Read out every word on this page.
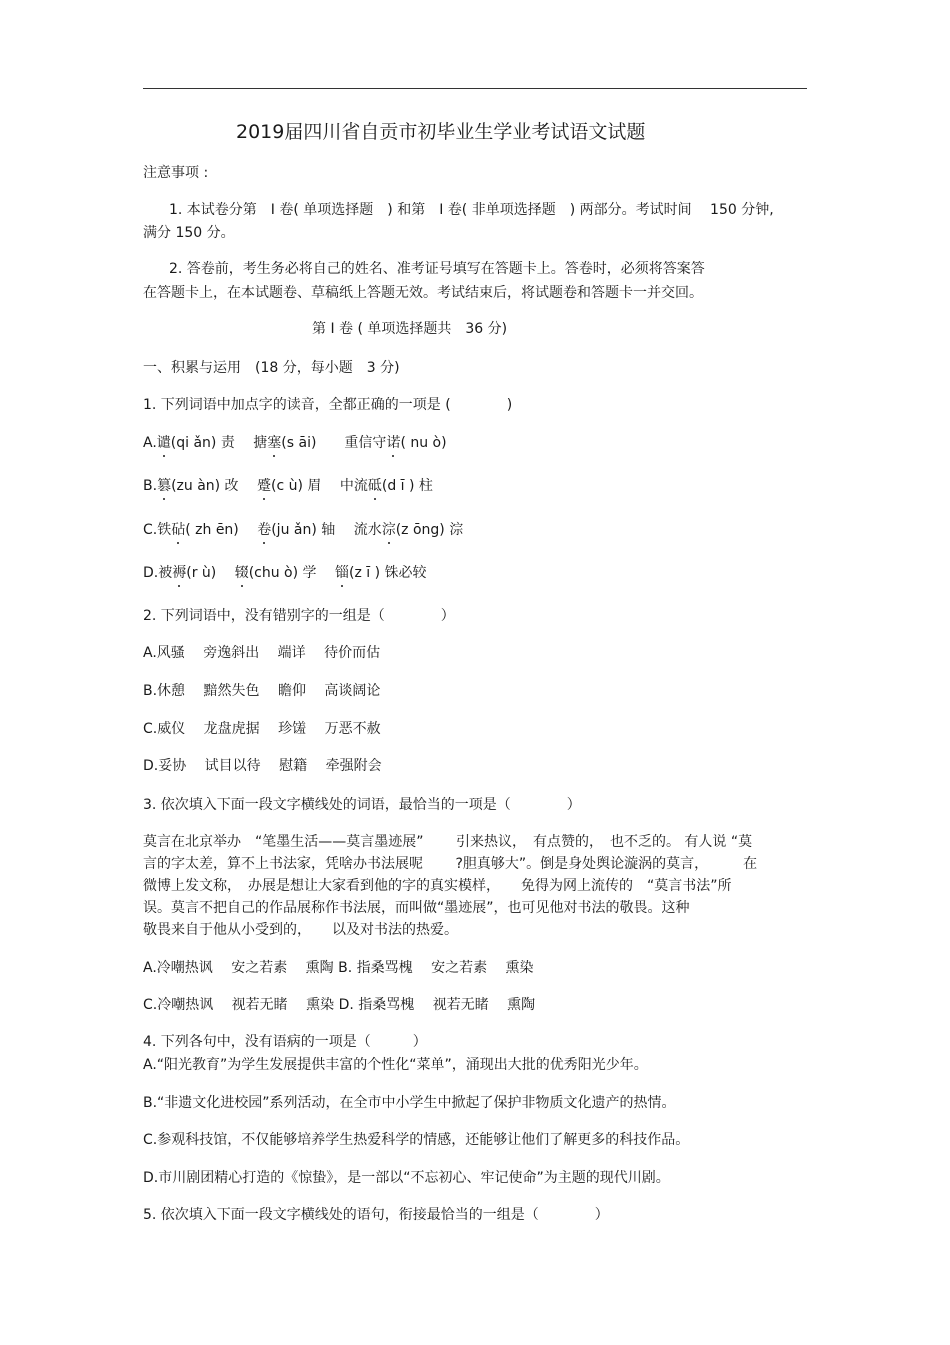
2019届四川省自贡市初毕业生学业考试语文试题
注意事项 :
1. 本试卷分第　Ⅰ 卷( 单项选择题　) 和第　Ⅰ 卷( 非单项选择题　) 两部分。考试时间　 150 分钟,
满分 150 分。
2. 答卷前，考生务必将自己的姓名、准考证号填写在答题卡上。答卷时，必须将答案答
在答题卡上，在本试题卷、草稿纸上答题无效。考试结束后，将试题卷和答题卡一并交回。
第 I 卷 ( 单项选择题共　36 分)
一、积累与运用　(18 分，每小题　3 分)
1. 下列词语中加点字的读音，全都正确的一项是 (　　　　)
A.谴(qi ǎn) 责　 搪塞(s āi)　　重信守诺( nu ò)
B.篡(zu àn) 改　 蹙(c ù) 眉　 中流砥(d ī ) 柱
C.铁砧( zh ēn)　 卷(ju ǎn) 轴　 流水淙(z ōng) 淙
D.被褥(r ù)　 辍(chu ò) 学　 锱(z ī ) 铢必较
2. 下列词语中，没有错别字的一组是（　　　　）
A.风骚　 旁逸斜出　 端详　 待价而估
B.休憩　 黯然失色　 瞻仰　 高谈阔论
C.威仪　 龙盘虎据　 珍馐　 万恶不赦
D.妥协　 试目以待　 慰籍　 牵强附会
3. 依次填入下面一段文字横线处的词语，最恰当的一项是（　　　　）
莫言在北京举办　“笔墨生活——莫言墨迹展”　　 引来热议，　有点赞的，　也不乏的。 有人说 “莫
言的字太差，算不上书法家，凭啥办书法展呢　　 ?胆真够大”。倒是身处舆论漩涡的莫言，　　　在
微博上发文称，　办展是想让大家看到他的字的真实模样，　　免得为网上流传的　“莫言书法”所
误。莫言不把自己的作品展称作书法展，而叫做“墨迹展”，也可见他对书法的敬畏。这种
敬畏来自于他从小受到的，　　以及对书法的热爱。
A.冷嘲热讽　 安之若素　 熏陶 B. 指桑骂槐　 安之若素　 熏染
C.冷嘲热讽　 视若无睹　 熏染 D. 指桑骂槐　 视若无睹　 熏陶
4. 下列各句中，没有语病的一项是（　　　）
A.“阳光教育”为学生发展提供丰富的个性化“菜单”，涌现出大批的优秀阳光少年。
B.“非遗文化进校园”系列活动，在全市中小学生中掀起了保护非物质文化遗产的热情。
C.参观科技馆，不仅能够培养学生热爱科学的情感，还能够让他们了解更多的科技作品。
D.市川剧团精心打造的《惊蛰》，是一部以“不忘初心、牢记使命”为主题的现代川剧。
5. 依次填入下面一段文字横线处的语句，衔接最恰当的一组是（　　　　）
